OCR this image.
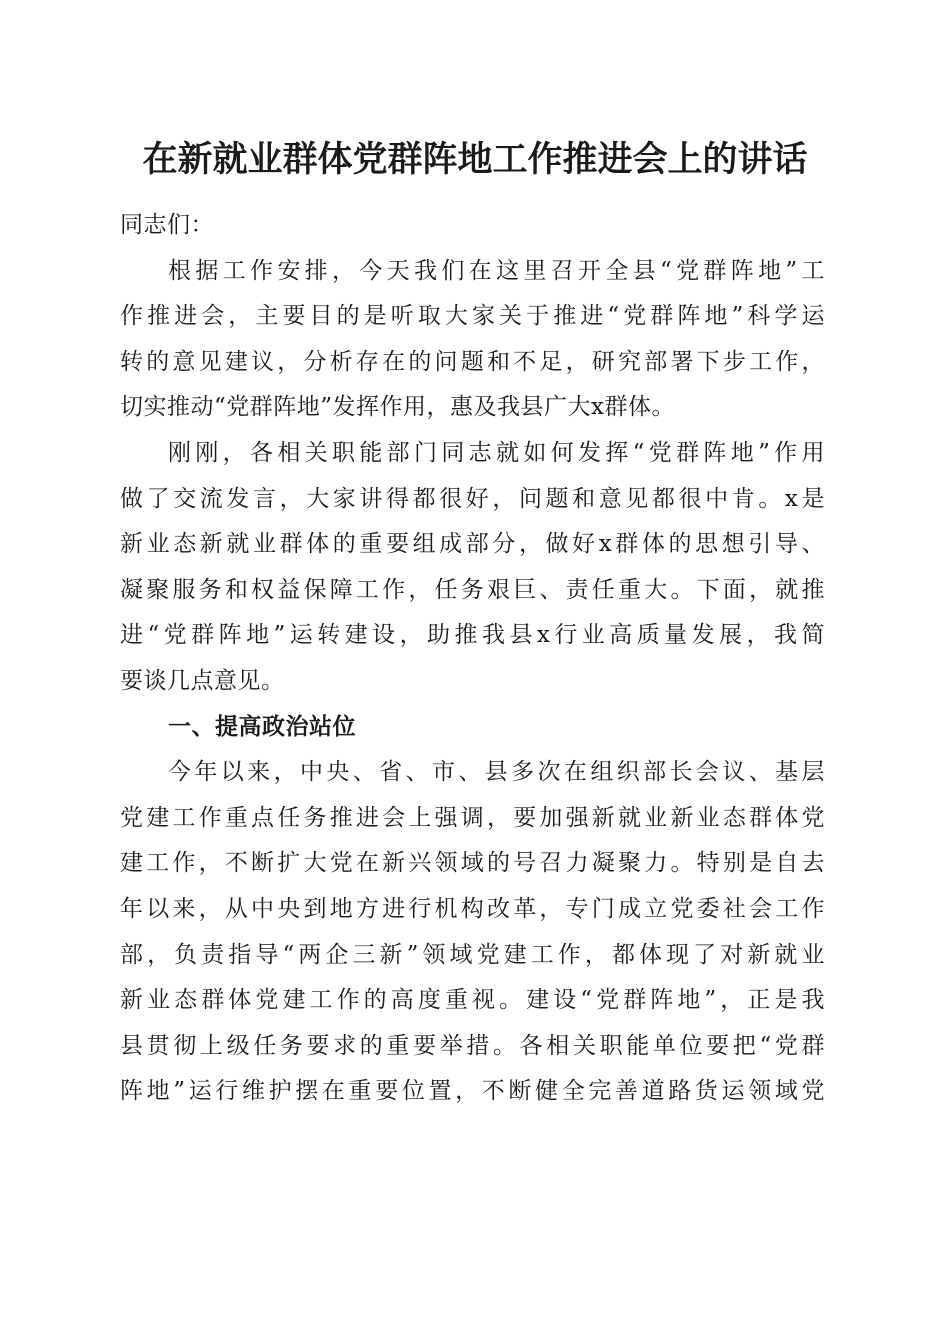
在新就业群体党群阵地工作推进会上的讲话
同志们：
根据工作安排，今天我们在这里召开全县“党群阵地”工
作推进会，主要目的是听取大家关于推进“党群阵地”科学运
转的意见建议，分析存在的问题和不足，研究部署下步工作，
切实推动“党群阵地”发挥作用，惠及我县广大x群体。
刚刚，各相关职能部门同志就如何发挥“党群阵地”作用
做了交流发言，大家讲得都很好，问题和意见都很中肯。x是
新业态新就业群体的重要组成部分，做好x群体的思想引导、
凝聚服务和权益保障工作，任务艰巨、责任重大。下面，就推
进“党群阵地”运转建设，助推我县x行业高质量发展，我简
要谈几点意见。
一、提高政治站位
今年以来，中央、省、市、县多次在组织部长会议、基层
党建工作重点任务推进会上强调，要加强新就业新业态群体党
建工作，不断扩大党在新兴领域的号召力凝聚力。特别是自去
年以来，从中央到地方进行机构改革，专门成立党委社会工作
部，负责指导“两企三新”领域党建工作，都体现了对新就业
新业态群体党建工作的高度重视。建设“党群阵地”，正是我
县贯彻上级任务要求的重要举措。各相关职能单位要把“党群
阵地”运行维护摆在重要位置，不断健全完善道路货运领域党
